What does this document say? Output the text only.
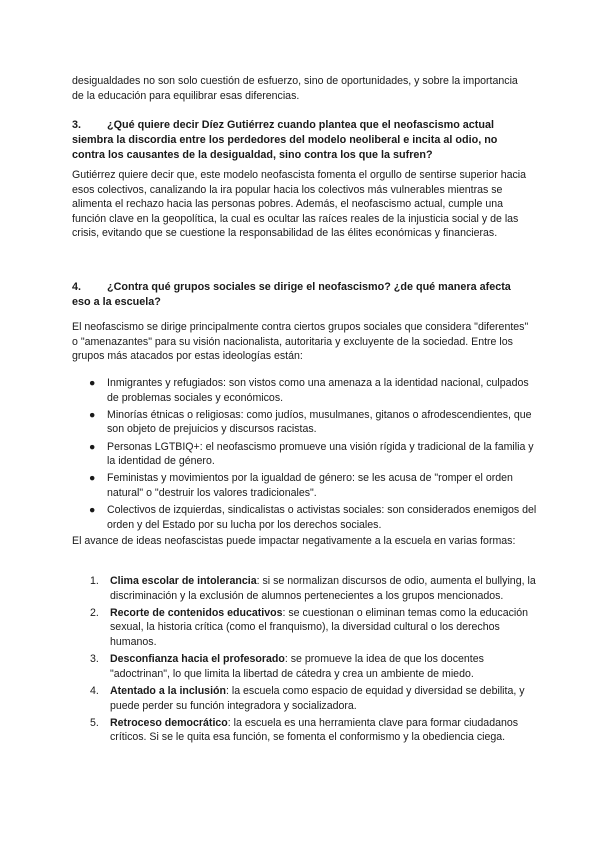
desigualdades no son solo cuestión de esfuerzo, sino de oportunidades, y sobre la importancia de la educación para equilibrar esas diferencias.

3. ¿Qué quiere decir Díez Gutiérrez cuando plantea que el neofascismo actual siembra la discordia entre los perdedores del modelo neoliberal e incita al odio, no contra los causantes de la desigualdad, sino contra los que la sufren?

Gutiérrez quiere decir que, este modelo neofascista fomenta el orgullo de sentirse superior hacia esos colectivos, canalizando la ira popular hacia los colectivos más vulnerables mientras se alimenta el rechazo hacia las personas pobres. Además, el neofascismo actual, cumple una función clave en la geopolítica, la cual es ocultar las raíces reales de la injusticia social y de las crisis, evitando que se cuestione la responsabilidad de las élites económicas y financieras.

4. ¿Contra qué grupos sociales se dirige el neofascismo? ¿de qué manera afecta eso a la escuela?

El neofascismo se dirige principalmente contra ciertos grupos sociales que considera "diferentes" o "amenazantes" para su visión nacionalista, autoritaria y excluyente de la sociedad. Entre los grupos más atacados por estas ideologías están:

● Inmigrantes y refugiados: son vistos como una amenaza a la identidad nacional, culpados de problemas sociales y económicos.
● Minorías étnicas o religiosas: como judíos, musulmanes, gitanos o afrodescendientes, que son objeto de prejuicios y discursos racistas.
● Personas LGTBIQ+: el neofascismo promueve una visión rígida y tradicional de la familia y la identidad de género.
● Feministas y movimientos por la igualdad de género: se les acusa de "romper el orden natural" o "destruir los valores tradicionales".
● Colectivos de izquierdas, sindicalistas o activistas sociales: son considerados enemigos del orden y del Estado por su lucha por los derechos sociales.

El avance de ideas neofascistas puede impactar negativamente a la escuela en varias formas:

1. Clima escolar de intolerancia: si se normalizan discursos de odio, aumenta el bullying, la discriminación y la exclusión de alumnos pertenecientes a los grupos mencionados.
2. Recorte de contenidos educativos: se cuestionan o eliminan temas como la educación sexual, la historia crítica (como el franquismo), la diversidad cultural o los derechos humanos.
3. Desconfianza hacia el profesorado: se promueve la idea de que los docentes "adoctrinan", lo que limita la libertad de cátedra y crea un ambiente de miedo.
4. Atentado a la inclusión: la escuela como espacio de equidad y diversidad se debilita, y puede perder su función integradora y socializadora.
5. Retroceso democrático: la escuela es una herramienta clave para formar ciudadanos críticos. Si se le quita esa función, se fomenta el conformismo y la obediencia ciega.
